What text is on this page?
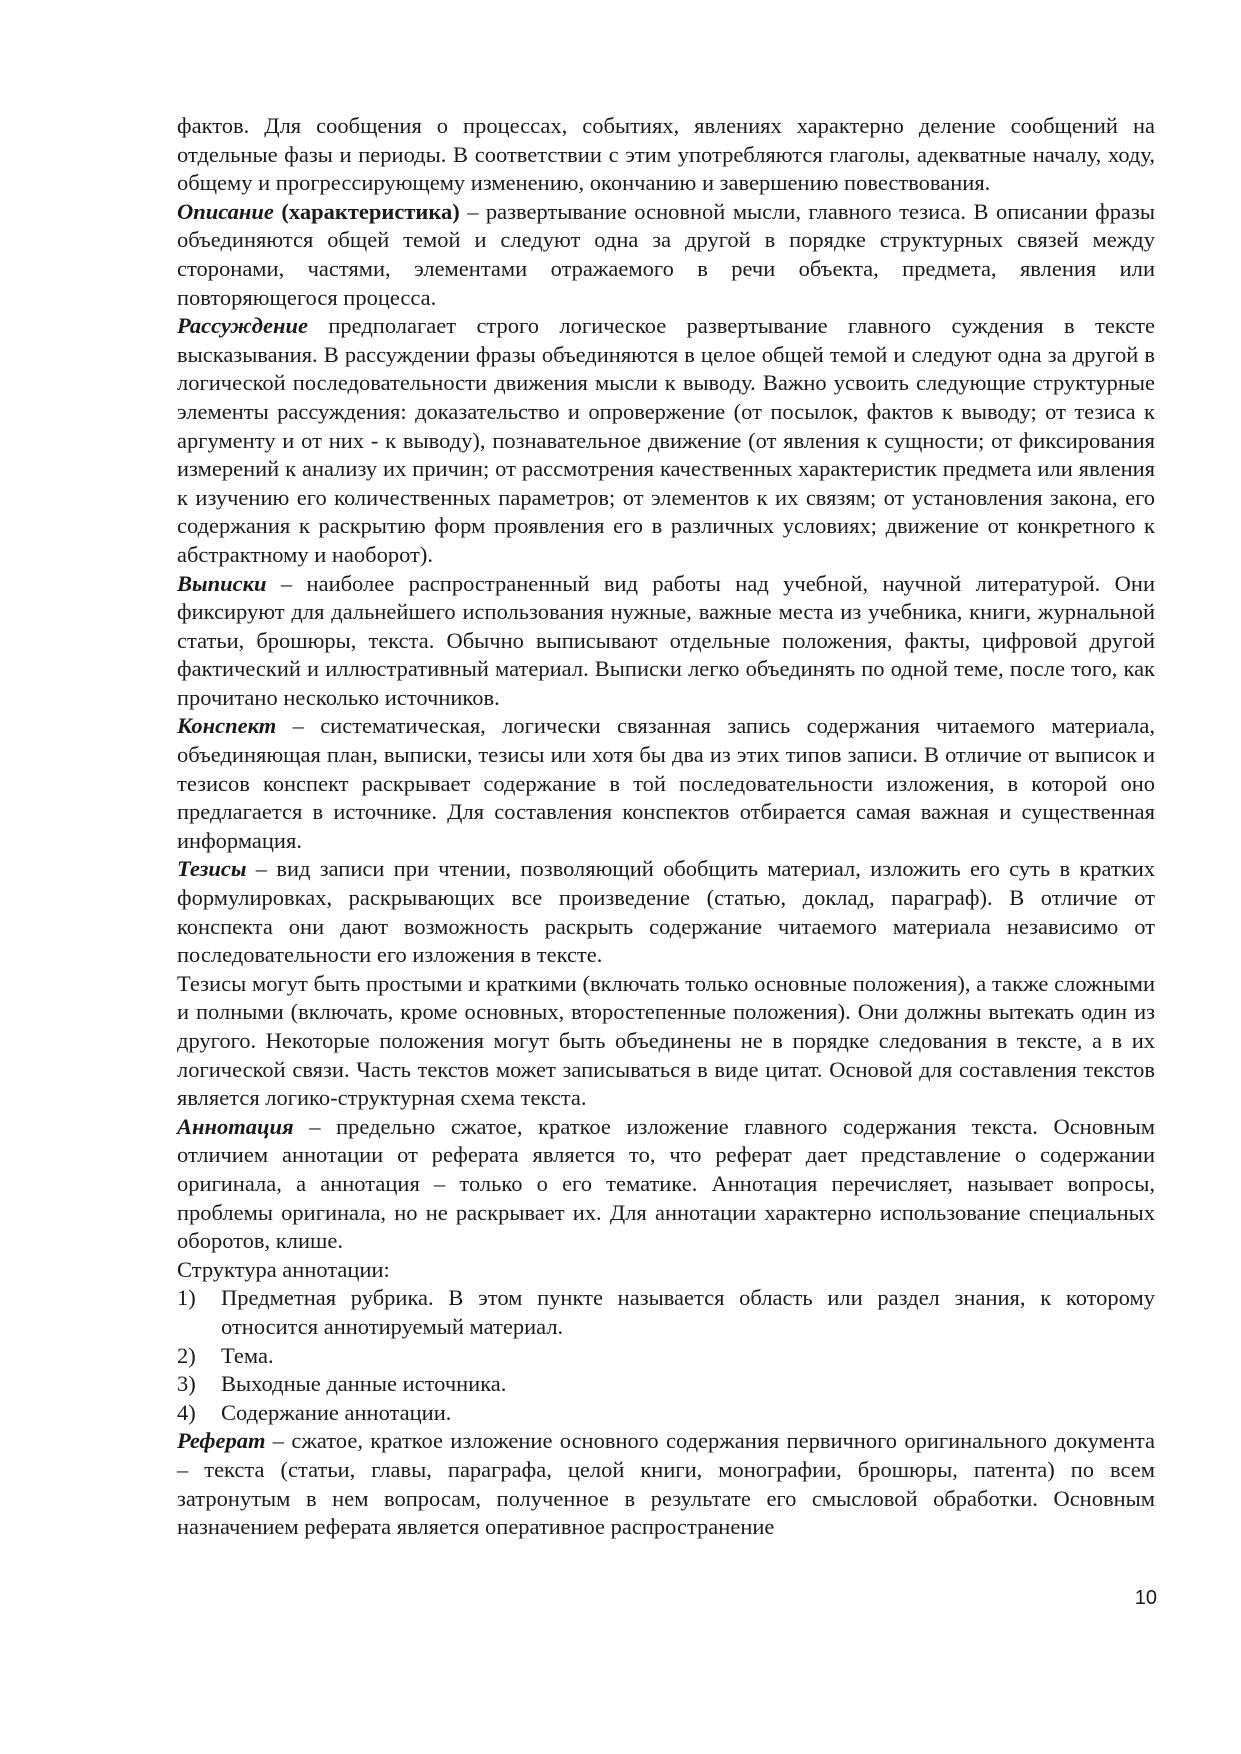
фактов. Для сообщения о процессах, событиях, явлениях характерно деление сообщений на отдельные фазы и периоды. В соответствии с этим употребляются глаголы, адекватные началу, ходу, общему и прогрессирующему изменению, окончанию и завершению повествования.

Описание (характеристика) – развертывание основной мысли, главного тезиса. В описании фразы объединяются общей темой и следуют одна за другой в порядке структурных связей между сторонами, частями, элементами отражаемого в речи объекта, предмета, явления или повторяющегося процесса.

Рассуждение предполагает строго логическое развертывание главного суждения в тексте высказывания. В рассуждении фразы объединяются в целое общей темой и следуют одна за другой в логической последовательности движения мысли к выводу. Важно усвоить следующие структурные элементы рассуждения: доказательство и опровержение (от посылок, фактов к выводу; от тезиса к аргументу и от них - к выводу), познавательное движение (от явления к сущности; от фиксирования измерений к анализу их причин; от рассмотрения качественных характеристик предмета или явления к изучению его количественных параметров; от элементов к их связям; от установления закона, его содержания к раскрытию форм проявления его в различных условиях; движение от конкретного к абстрактному и наоборот).

Выписки – наиболее распространенный вид работы над учебной, научной литературой. Они фиксируют для дальнейшего использования нужные, важные места из учебника, книги, журнальной статьи, брошюры, текста. Обычно выписывают отдельные положения, факты, цифровой другой фактический и иллюстративный материал. Выписки легко объединять по одной теме, после того, как прочитано несколько источников.

Конспект – систематическая, логически связанная запись содержания читаемого материала, объединяющая план, выписки, тезисы или хотя бы два из этих типов записи. В отличие от выписок и тезисов конспект раскрывает содержание в той последовательности изложения, в которой оно предлагается в источнике. Для составления конспектов отбирается самая важная и существенная информация.

Тезисы – вид записи при чтении, позволяющий обобщить материал, изложить его суть в кратких формулировках, раскрывающих все произведение (статью, доклад, параграф). В отличие от конспекта они дают возможность раскрыть содержание читаемого материала независимо от последовательности его изложения в тексте.

Тезисы могут быть простыми и краткими (включать только основные положения), а также сложными и полными (включать, кроме основных, второстепенные положения). Они должны вытекать один из другого. Некоторые положения могут быть объединены не в порядке следования в тексте, а в их логической связи. Часть текстов может записываться в виде цитат. Основой для составления текстов является логико-структурная схема текста.

Аннотация – предельно сжатое, краткое изложение главного содержания текста. Основным отличием аннотации от реферата является то, что реферат дает представление о содержании оригинала, а аннотация – только о его тематике. Аннотация перечисляет, называет вопросы, проблемы оригинала, но не раскрывает их. Для аннотации характерно использование специальных оборотов, клише.

Структура аннотации:

1)	Предметная рубрика. В этом пункте называется область или раздел знания, к которому относится аннотируемый материал.
2)	Тема.
3)	Выходные данные источника.
4)	Содержание аннотации.

Реферат – сжатое, краткое изложение основного содержания первичного оригинального документа – текста (статьи, главы, параграфа, целой книги, монографии, брошюры, патента) по всем затронутым в нем вопросам, полученное в результате его смысловой обработки. Основным назначением реферата является оперативное распространение

10
